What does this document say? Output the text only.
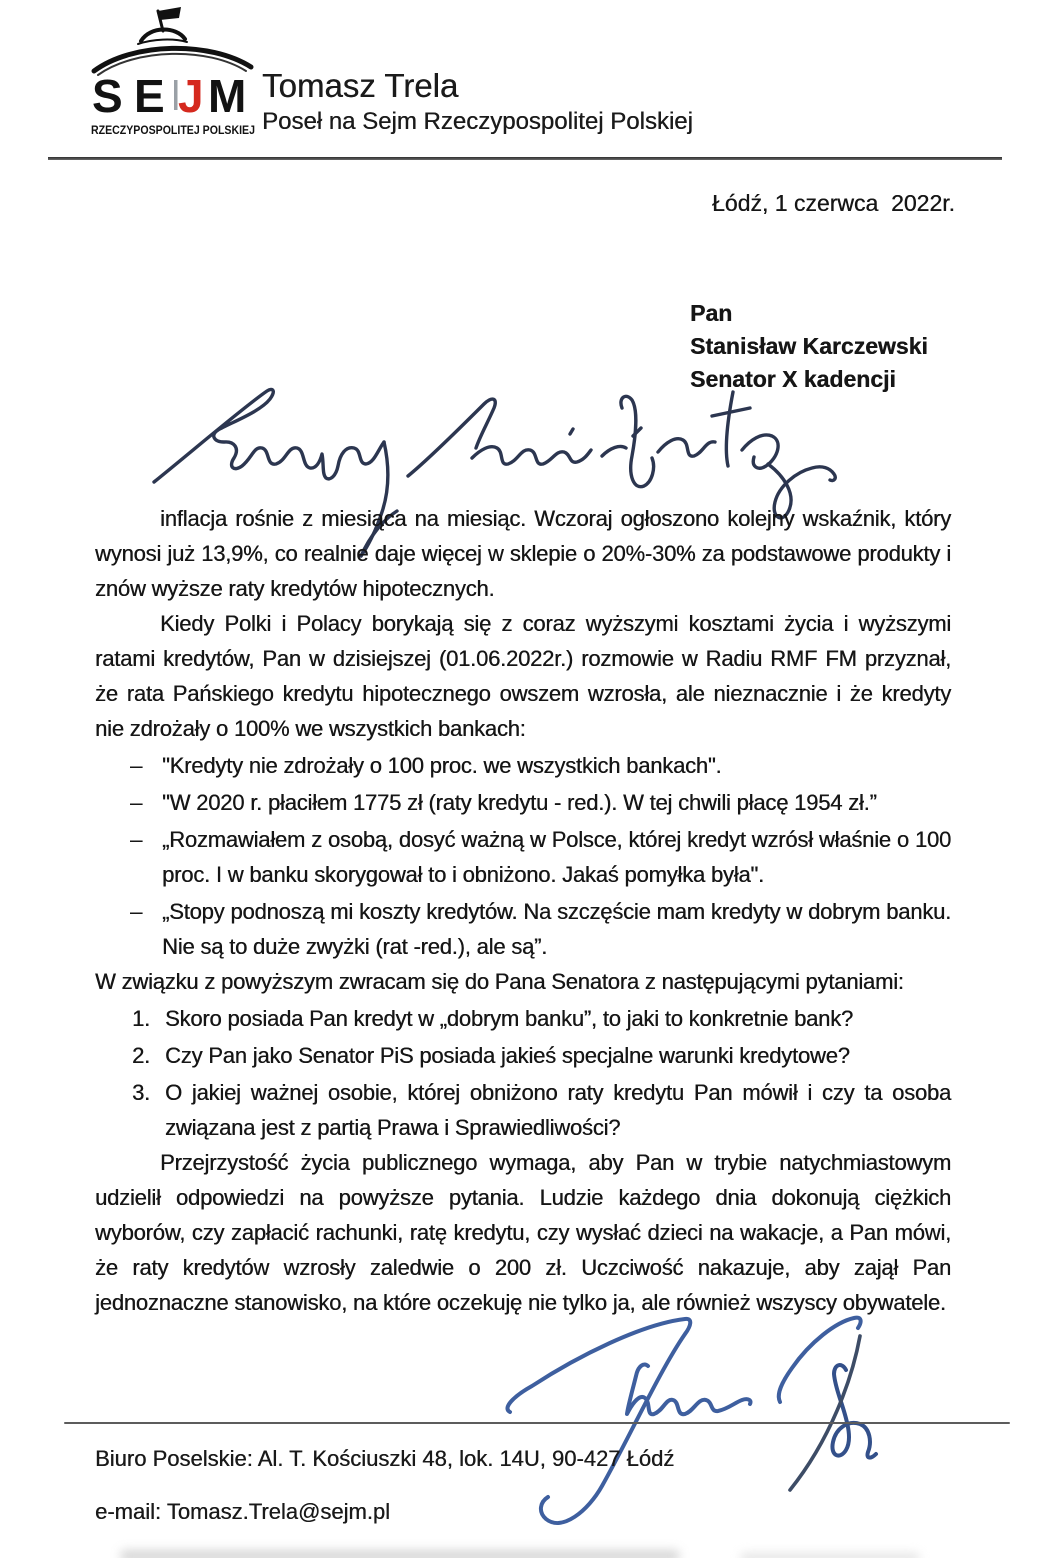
S E J M
RZECZYPOSPOLITEJ POLSKIEJ
Tomasz Trela
Poseł na Sejm Rzeczypospolitej Polskiej
Łódź, 1 czerwca  2022r.
Pan
Stanisław Karczewski
Senator X kadencji

inflacja rośnie z miesiąca na miesiąc. Wczoraj ogłoszono kolejny wskaźnik, który wynosi już 13,9%, co realnie daje więcej w sklepie o 20%-30% za podstawowe produkty i znów wyższe raty kredytów hipotecznych.

Kiedy Polki i Polacy borykają się z coraz wyższymi kosztami życia i wyższymi ratami kredytów, Pan w dzisiejszej (01.06.2022r.) rozmowie w Radiu RMF FM przyznał, że rata Pańskiego kredytu hipotecznego owszem wzrosła, ale nieznacznie i że kredyty nie zdrożały o 100% we wszystkich bankach:

– "Kredyty nie zdrożały o 100 proc. we wszystkich bankach".
– "W 2020 r. płaciłem 1775 zł (raty kredytu - red.). W tej chwili płacę 1954 zł.”
– „Rozmawiałem z osobą, dosyć ważną w Polsce, której kredyt wzrósł właśnie o 100 proc. I w banku skorygował to i obniżono. Jakaś pomyłka była".
– „Stopy podnoszą mi koszty kredytów. Na szczęście mam kredyty w dobrym banku. Nie są to duże zwyżki (rat -red.), ale są”.

W związku z powyższym zwracam się do Pana Senatora z następującymi pytaniami:

1. Skoro posiada Pan kredyt w „dobrym banku”, to jaki to konkretnie bank?
2. Czy Pan jako Senator PiS posiada jakieś specjalne warunki kredytowe?
3. O jakiej ważnej osobie, której obniżono raty kredytu Pan mówił i czy ta osoba związana jest z partią Prawa i Sprawiedliwości?

Przejrzystość życia publicznego wymaga, aby Pan w trybie natychmiastowym udzielił odpowiedzi na powyższe pytania. Ludzie każdego dnia dokonują ciężkich wyborów, czy zapłacić rachunki, ratę kredytu, czy wysłać dzieci na wakacje, a Pan mówi, że raty kredytów wzrosły zaledwie o 200 zł. Uczciwość nakazuje, aby zajął Pan jednoznaczne stanowisko, na które oczekuję nie tylko ja, ale również wszyscy obywatele.

Biuro Poselskie: Al. T. Kościuszki 48, lok. 14U, 90-427 Łódź
e-mail: Tomasz.Trela@sejm.pl
